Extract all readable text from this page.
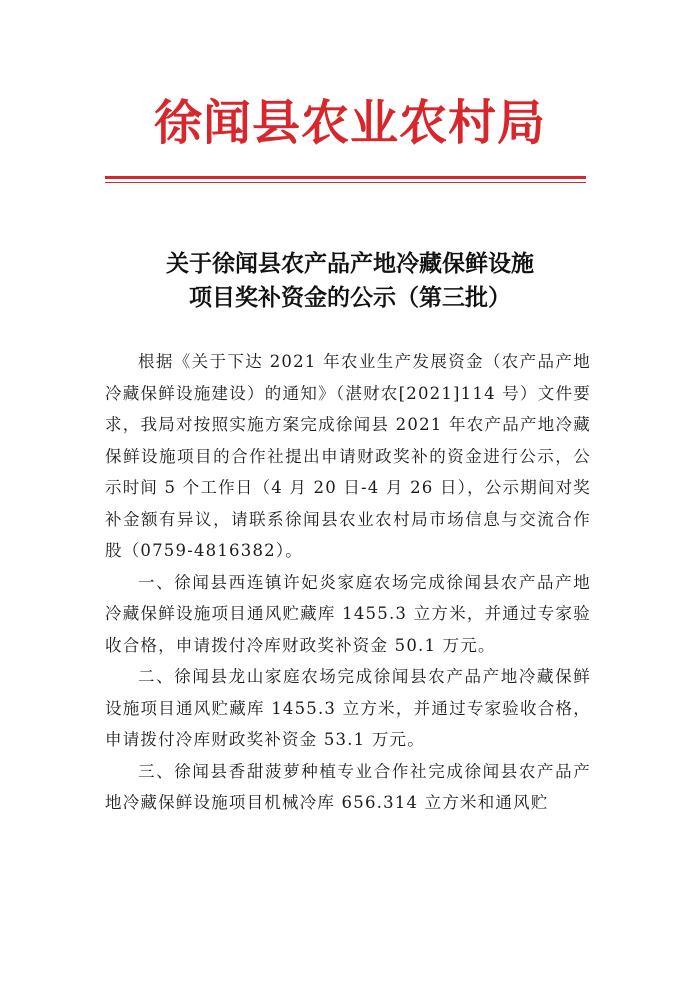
徐闻县农业农村局
关于徐闻县农产品产地冷藏保鲜设施
项目奖补资金的公示（第三批）

根据《关于下达 2021 年农业生产发展资金（农产品产地冷藏保鲜设施建设）的通知》（湛财农[2021]114 号）文件要求，我局对按照实施方案完成徐闻县 2021 年农产品产地冷藏保鲜设施项目的合作社提出申请财政奖补的资金进行公示，公示时间 5 个工作日（4 月 20 日-4 月 26 日），公示期间对奖补金额有异议，请联系徐闻县农业农村局市场信息与交流合作股（0759-4816382）。

一、徐闻县西连镇许妃炎家庭农场完成徐闻县农产品产地冷藏保鲜设施项目通风贮藏库 1455.3 立方米，并通过专家验收合格，申请拨付冷库财政奖补资金 50.1 万元。

二、徐闻县龙山家庭农场完成徐闻县农产品产地冷藏保鲜设施项目通风贮藏库 1455.3 立方米，并通过专家验收合格，申请拨付冷库财政奖补资金 53.1 万元。

三、徐闻县香甜菠萝种植专业合作社完成徐闻县农产品产地冷藏保鲜设施项目机械冷库 656.314 立方米和通风贮
